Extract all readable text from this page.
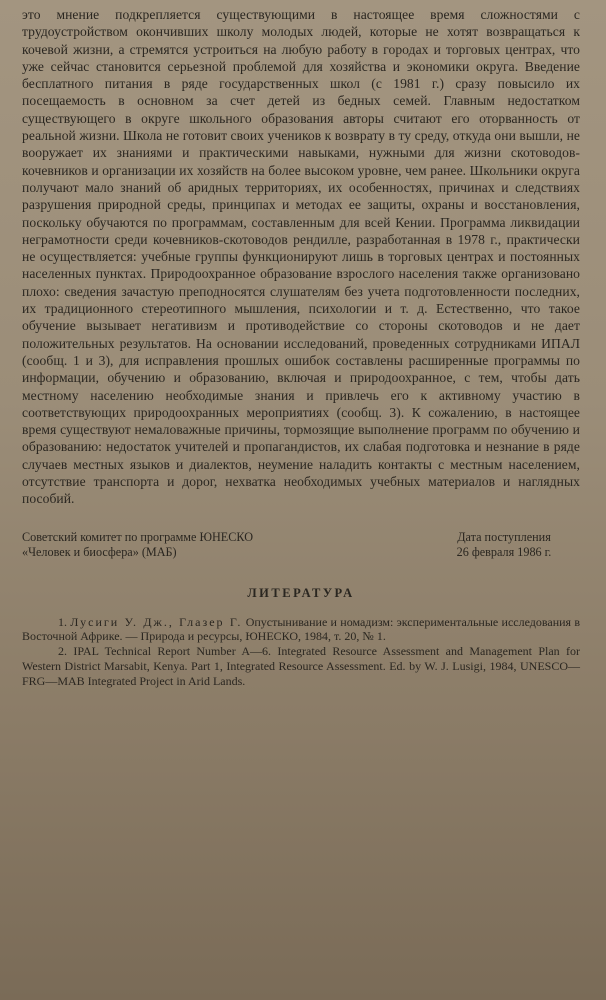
это мнение подкрепляется существующими в настоящее время сложностями с трудоустройством окончивших школу молодых людей, которые не хотят возвращаться к кочевой жизни, а стремятся устроиться на любую работу в городах и торговых центрах, что уже сейчас становится серьезной проблемой для хозяйства и экономики округа. Введение бесплатного питания в ряде государственных школ (с 1981 г.) сразу повысило их посещаемость в основном за счет детей из бедных семей. Главным недостатком существующего в округе школьного образования авторы считают его оторванность от реальной жизни. Школа не готовит своих учеников к возврату в ту среду, откуда они вышли, не вооружает их знаниями и практическими навыками, нужными для жизни скотоводов-кочевников и организации их хозяйств на более высоком уровне, чем ранее. Школьники округа получают мало знаний об аридных территориях, их особенностях, причинах и следствиях разрушения природной среды, принципах и методах ее защиты, охраны и восстановления, поскольку обучаются по программам, составленным для всей Кении. Программа ликвидации неграмотности среди кочевников-скотоводов рендилле, разработанная в 1978 г., практически не осуществляется: учебные группы функционируют лишь в торговых центрах и постоянных населенных пунктах. Природоохранное образование взрослого населения также организовано плохо: сведения зачастую преподносятся слушателям без учета подготовленности последних, их традиционного стереотипного мышления, психологии и т. д. Естественно, что такое обучение вызывает негативизм и противодействие со стороны скотоводов и не дает положительных результатов. На основании исследований, проведенных сотрудниками ИПАЛ (сообщ. 1 и 3), для исправления прошлых ошибок составлены расширенные программы по информации, обучению и образованию, включая и природоохранное, с тем, чтобы дать местному населению необходимые знания и привлечь его к активному участию в соответствующих природоохранных мероприятиях (сообщ. 3). К сожалению, в настоящее время существуют немаловажные причины, тормозящие выполнение программ по обучению и образованию: недостаток учителей и пропагандистов, их слабая подготовка и незнание в ряде случаев местных языков и диалектов, неумение наладить контакты с местным населением, отсутствие транспорта и дорог, нехватка необходимых учебных материалов и наглядных пособий.

Советский комитет по программе ЮНЕСКО
«Человек и биосфера» (МАБ)
Дата поступления
26 февраля 1986 г.
ЛИТЕРАТУРА

1. Лусиги У. Дж., Глазер Г. Опустынивание и номадизм: экспериментальные исследования в Восточной Африке. — Природа и ресурсы, ЮНЕСКО, 1984, т. 20, № 1.

2. IPAL Technical Report Number A—6. Integrated Resource Assessment and Management Plan for Western District Marsabit, Kenya. Part 1, Integrated Resource Assessment. Ed. by W. J. Lusigi, 1984, UNESCO—FRG—MAB Integrated Project in Arid Lands.
